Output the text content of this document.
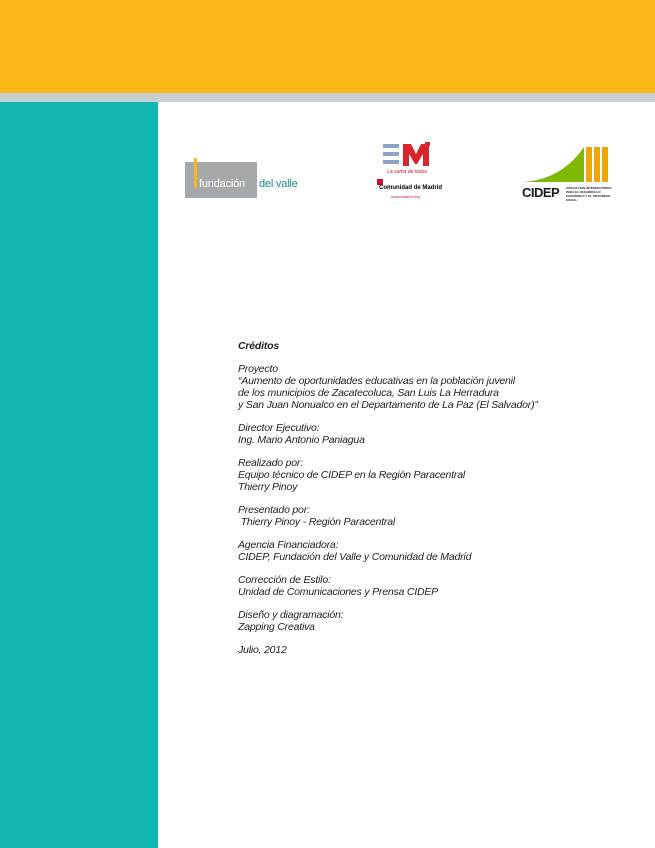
fundación del valle
La suma de todos
Comunidad de Madrid
www.madrid.org	CIDEP ASOCIACIÓN INTERSECTORIAL PARA EL DESARROLLO ECONÓMICO Y EL PROGRESO SOCIAL
Créditos
Proyecto
“Aumento de oportunidades educativas en la población juvenil
de los municipios de Zacatecoluca, San Luis La Herradura
y San Juan Nonualco en el Departamento de La Paz (El Salvador)”
Director Ejecutivo:
Ing. Mario Antonio Paniagua
Realizado por:
Equipo técnico de CIDEP en la Región Paracentral
Thierry Pinoy
Presentado por:
Thierry Pinoy - Región Paracentral
Agencia Financiadora:
CIDEP, Fundación del Valle y Comunidad de Madrid
Corrección de Estilo:
Unidad de Comunicaciones y Prensa CIDEP
Diseño y diagramación:
Zapping Creativa
Julio, 2012
